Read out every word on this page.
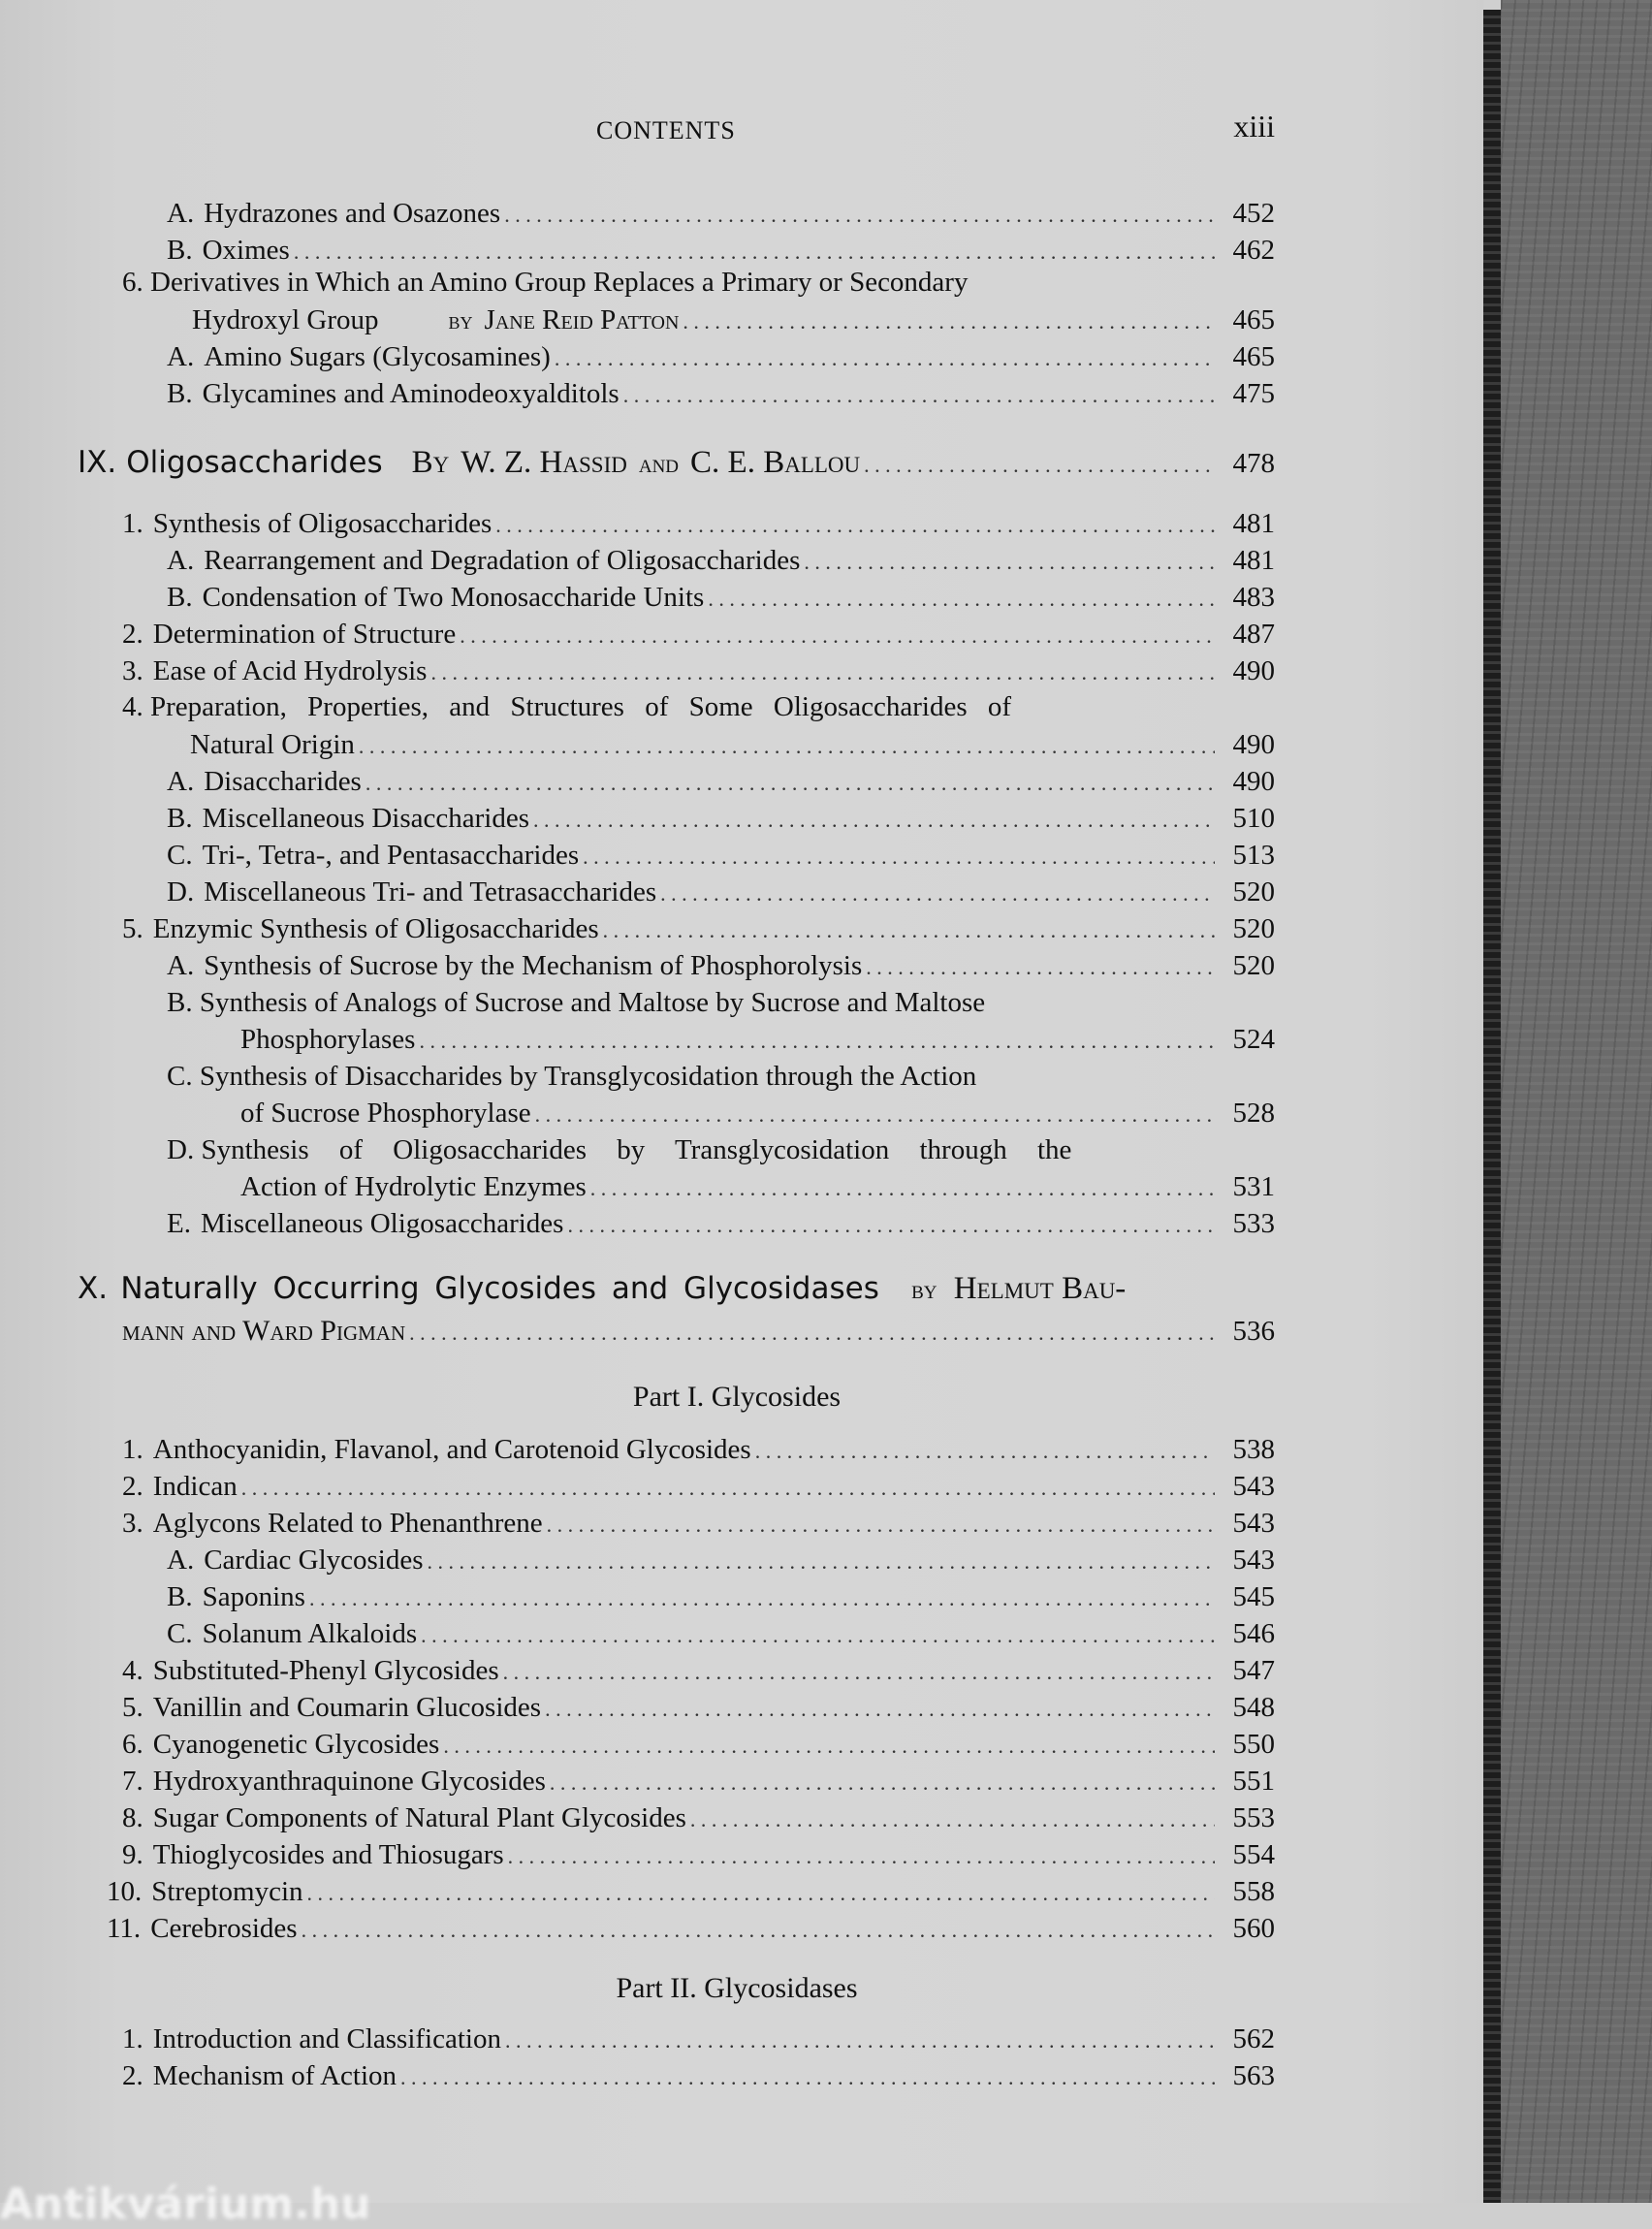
CONTENTS	xiii
A. Hydrazones and Osazones . . .	452
B. Oximes . . .	462
6. Derivatives in Which an Amino Group Replaces a Primary or Secondary
Hydroxyl Group	by Jane Reid Patton . . .	465
A. Amino Sugars (Glycosamines) . . .	465
B. Glycamines and Aminodeoxyalditols . . .	475
IX. Oligosaccharides By W. Z. Hassid and C. E. Ballou . . .	478
1. Synthesis of Oligosaccharides . . .	481
A. Rearrangement and Degradation of Oligosaccharides . . .	481
B. Condensation of Two Monosaccharide Units . . .	483
2. Determination of Structure . . .	487
3. Ease of Acid Hydrolysis . . .	490
4. Preparation, Properties, and Structures of Some Oligosaccharides of
Natural Origin . . .	490
A. Disaccharides . . .	490
B. Miscellaneous Disaccharides . . .	510
C. Tri-, Tetra-, and Pentasaccharides . . .	513
D. Miscellaneous Tri- and Tetrasaccharides . . .	520
5. Enzymic Synthesis of Oligosaccharides . . .	520
A. Synthesis of Sucrose by the Mechanism of Phosphorolysis . . .	520
B. Synthesis of Analogs of Sucrose and Maltose by Sucrose and Maltose
Phosphorylases . . .	524
C. Synthesis of Disaccharides by Transglycosidation through the Action
of Sucrose Phosphorylase . . .	528
D. Synthesis of Oligosaccharides by Transglycosidation through the
Action of Hydrolytic Enzymes . . .	531
E. Miscellaneous Oligosaccharides . . .	533
X. Naturally Occurring Glycosides and Glycosidases by Helmut Bau-
mann and Ward Pigman . . .	536
Part I. Glycosides
1. Anthocyanidin, Flavanol, and Carotenoid Glycosides . . .	538
2. Indican . . .	543
3. Aglycons Related to Phenanthrene . . .	543
A. Cardiac Glycosides . . .	543
B. Saponins . . .	545
C. Solanum Alkaloids . . .	546
4. Substituted-Phenyl Glycosides . . .	547
5. Vanillin and Coumarin Glucosides . . .	548
6. Cyanogenetic Glycosides . . .	550
7. Hydroxyanthraquinone Glycosides . . .	551
8. Sugar Components of Natural Plant Glycosides . . .	553
9. Thioglycosides and Thiosugars . . .	554
10. Streptomycin . . .	558
11. Cerebrosides . . .	560
Part II. Glycosidases
1. Introduction and Classification . . .	562
2. Mechanism of Action . . .	563
Antikvárium.hu
